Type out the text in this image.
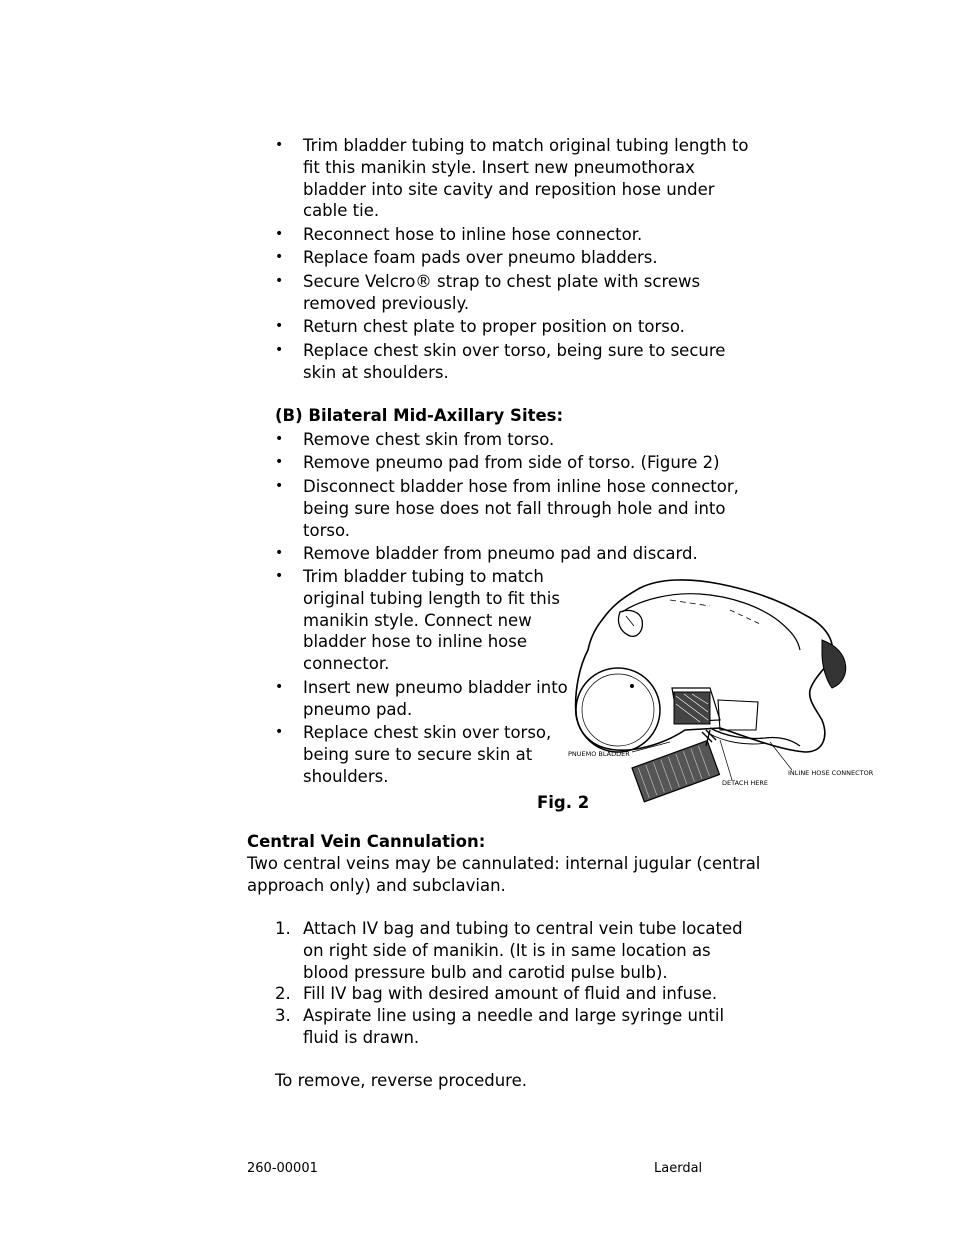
•	Trim bladder tubing to match original tubing length to
fit this manikin style. Insert new pneumothorax
bladder into site cavity and reposition hose under
cable tie.
•	Reconnect hose to inline hose connector.
•	Replace foam pads over pneumo bladders.
•	Secure Velcro® strap to chest plate with screws
removed previously.
•	Return chest plate to proper position on torso.
•	Replace chest skin over torso, being sure to secure
skin at shoulders.
(B) Bilateral Mid-Axillary Sites:
•	Remove chest skin from torso.
•	Remove pneumo pad from side of torso. (Figure 2)
•	Disconnect bladder hose from inline hose connector,
being sure hose does not fall through hole and into
torso.
•	Remove bladder from pneumo pad and discard.
•	Trim bladder tubing to match
original tubing length to fit this
manikin style. Connect new
bladder hose to inline hose
connector.
•	Insert new pneumo bladder into
pneumo pad.
•	Replace chest skin over torso,
being sure to secure skin at
shoulders.
PNUEMO BLADDER
INLINE HOSE CONNECTOR
DETACH HERE
Fig. 2
Central Vein Cannulation:
Two central veins may be cannulated: internal jugular (central
approach only) and subclavian.
1. Attach IV bag and tubing to central vein tube located
on right side of manikin. (It is in same location as
blood pressure bulb and carotid pulse bulb).
2. Fill IV bag with desired amount of fluid and infuse.
3. Aspirate line using a needle and large syringe until
fluid is drawn.
To remove, reverse procedure.
260-00001	Laerdal
